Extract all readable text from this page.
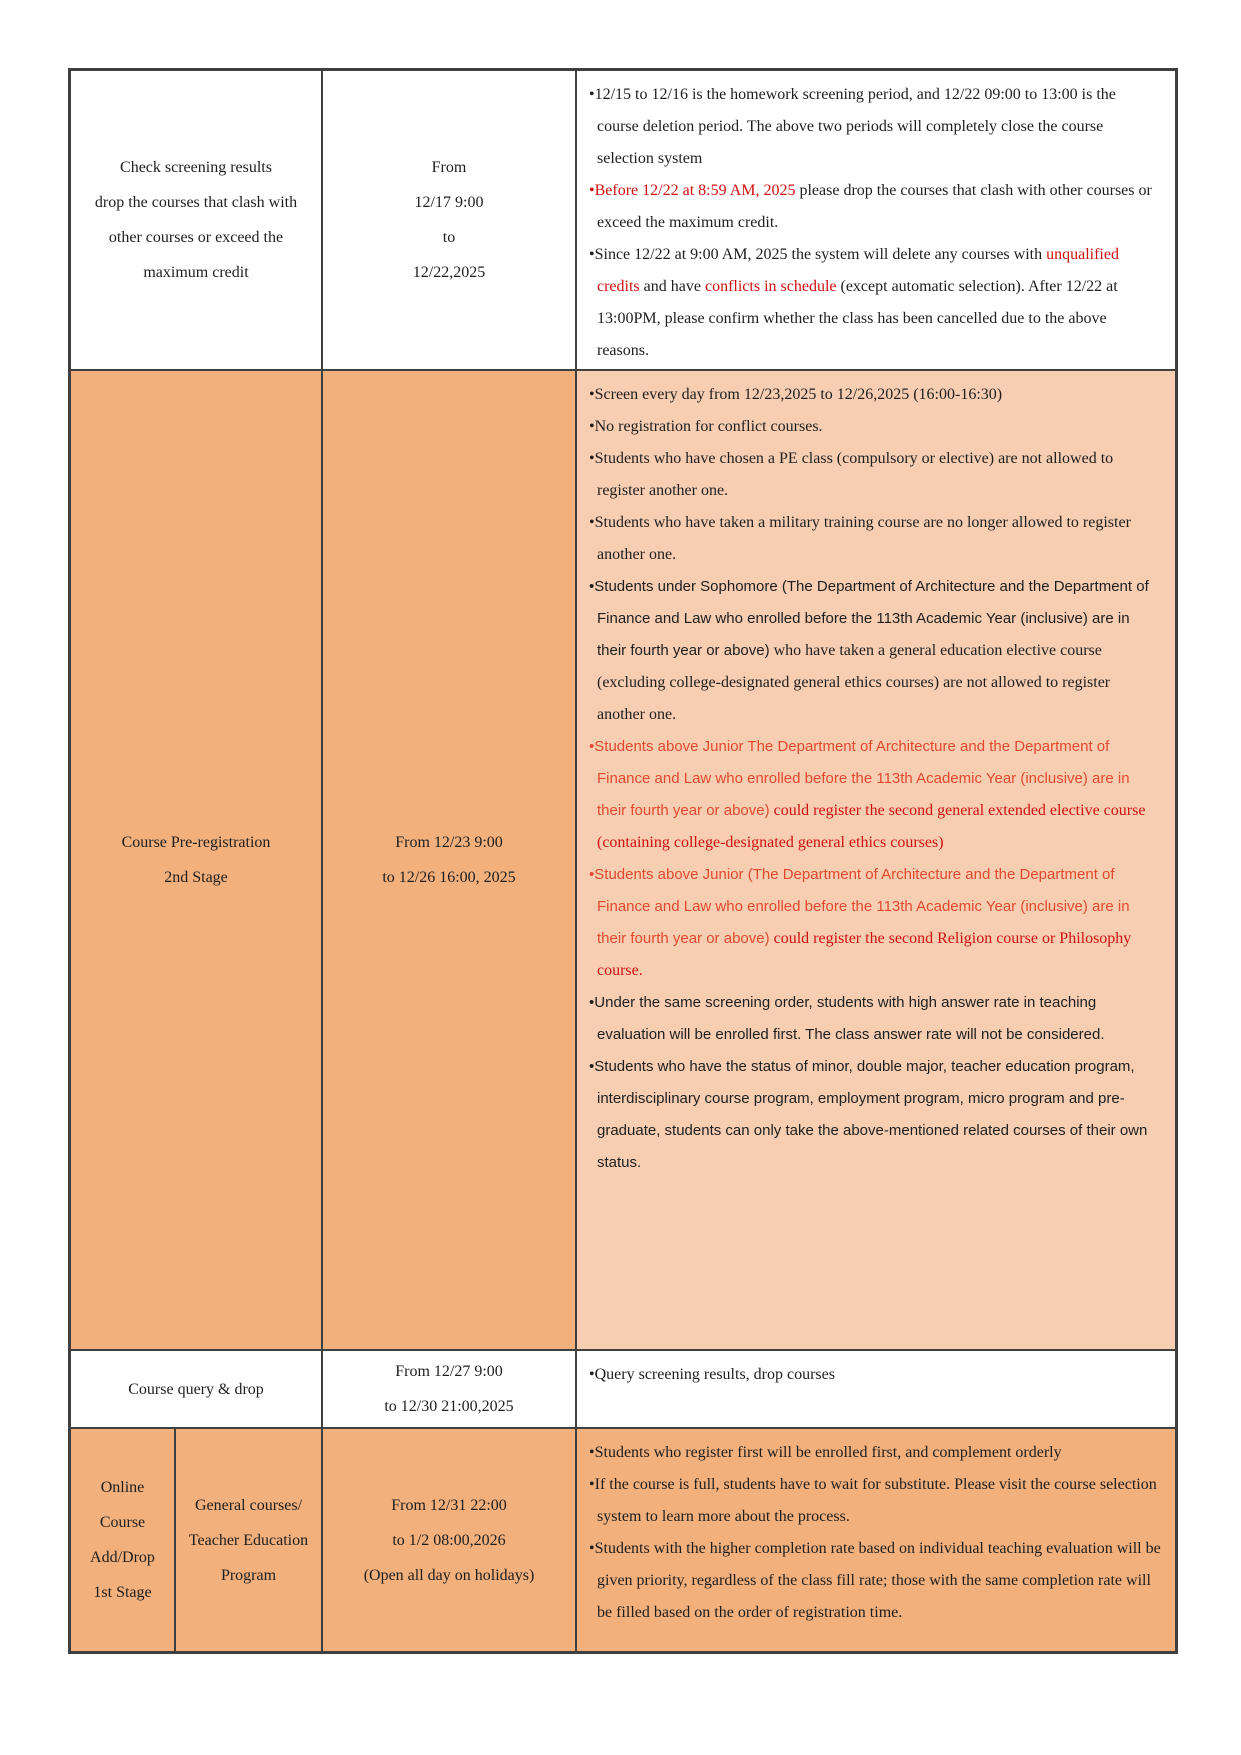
Check screening results
drop the courses that clash with
other courses or exceed the
maximum credit
From
12/17 9:00
to
12/22,2025
•12/15 to 12/16 is the homework screening period, and 12/22 09:00 to 13:00 is the course deletion period. The above two periods will completely close the course selection system
•Before 12/22 at 8:59 AM, 2025 please drop the courses that clash with other courses or exceed the maximum credit.
•Since 12/22 at 9:00 AM, 2025 the system will delete any courses with unqualified credits and have conflicts in schedule (except automatic selection). After 12/22 at 13:00PM, please confirm whether the class has been cancelled due to the above reasons.
Course Pre-registration
2nd Stage
From 12/23 9:00
to 12/26 16:00, 2025
•Screen every day from 12/23,2025 to 12/26,2025 (16:00-16:30)
•No registration for conflict courses.
•Students who have chosen a PE class (compulsory or elective) are not allowed to register another one.
•Students who have taken a military training course are no longer allowed to register another one.
•Students under Sophomore (The Department of Architecture and the Department of Finance and Law who enrolled before the 113th Academic Year (inclusive) are in their fourth year or above) who have taken a general education elective course (excluding college-designated general ethics courses) are not allowed to register another one.
•Students above Junior The Department of Architecture and the Department of Finance and Law who enrolled before the 113th Academic Year (inclusive) are in their fourth year or above) could register the second general extended elective course (containing college-designated general ethics courses)
•Students above Junior (The Department of Architecture and the Department of Finance and Law who enrolled before the 113th Academic Year (inclusive) are in their fourth year or above) could register the second Religion course or Philosophy course.
•Under the same screening order, students with high answer rate in teaching evaluation will be enrolled first. The class answer rate will not be considered.
•Students who have the status of minor, double major, teacher education program, interdisciplinary course program, employment program, micro program and pre-graduate, students can only take the above-mentioned related courses of their own status.
Course query & drop
From 12/27 9:00
to 12/30 21:00,2025
•Query screening results, drop courses
Online
Course
Add/Drop
1st Stage
General courses/
Teacher Education
Program
From 12/31 22:00
to 1/2 08:00,2026
(Open all day on holidays)
•Students who register first will be enrolled first, and complement orderly
•If the course is full, students have to wait for substitute. Please visit the course selection system to learn more about the process.
•Students with the higher completion rate based on individual teaching evaluation will be given priority, regardless of the class fill rate; those with the same completion rate will be filled based on the order of registration time.
